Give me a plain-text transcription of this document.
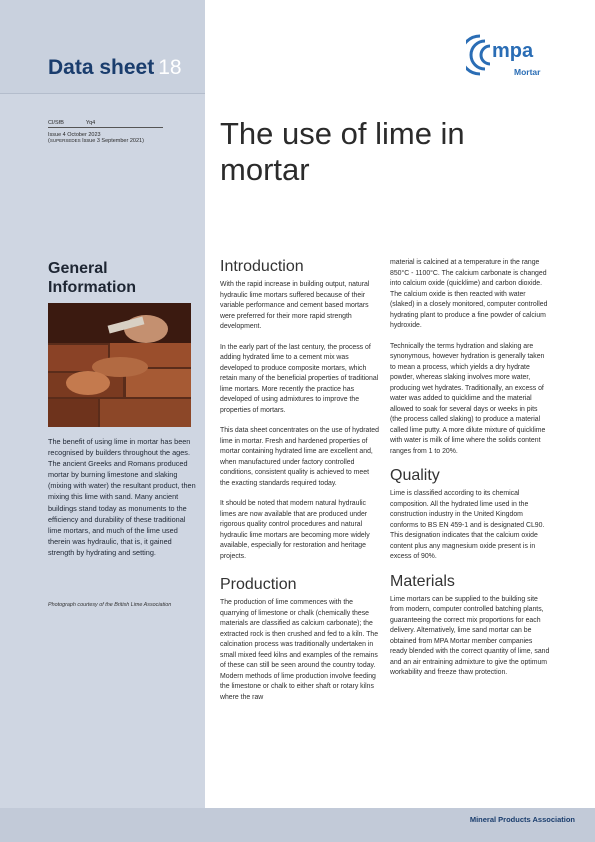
Data sheet 18
CI/SfB	Yq4
Issue 4 October 2023
(SUPERSEDES Issue 3 September 2021)
mpa
Mortar
The use of lime in mortar
General Information
The benefit of using lime in mortar has been recognised by builders throughout the ages. The ancient Greeks and Romans produced mortar by burning limestone and slaking (mixing with water) the resultant product, then mixing this lime with sand. Many ancient buildings stand today as monuments to the efficiency and durability of these traditional lime mortars, and much of the lime used therein was hydraulic, that is, it gained strength by hydrating and setting.
Photograph courtesy of the British Lime Association
Introduction

With the rapid increase in building output, natural hydraulic lime mortars suffered because of their variable performance and cement based mortars were preferred for their more rapid strength development.

In the early part of the last century, the process of adding hydrated lime to a cement mix was developed to produce composite mortars, which retain many of the beneficial properties of traditional lime mortars. More recently the practice has developed of using admixtures to improve the properties of mortars.

This data sheet concentrates on the use of hydrated lime in mortar. Fresh and hardened properties of mortar containing hydrated lime are excellent and, when manufactured under factory controlled conditions, consistent quality is achieved to meet the exacting standards required today.

It should be noted that modern natural hydraulic limes are now available that are produced under rigorous quality control procedures and natural hydraulic lime mortars are becoming more widely available, especially for restoration and heritage projects.

Production

The production of lime commences with the quarrying of limestone or chalk (chemically these materials are classified as calcium carbonate); the extracted rock is then crushed and fed to a kiln. The calcination process was traditionally undertaken in small mixed feed kilns and examples of the remains of these can still be seen around the country today. Modern methods of lime production involve feeding the limestone or chalk to either shaft or rotary kilns where the raw

material is calcined at a temperature in the range 850°C - 1100°C. The calcium carbonate is changed into calcium oxide (quicklime) and carbon dioxide. The calcium oxide is then reacted with water (slaked) in a closely monitored, computer controlled hydrating plant to produce a fine powder of calcium hydroxide.

Technically the terms hydration and slaking are synonymous, however hydration is generally taken to mean a process, which yields a dry hydrate powder, whereas slaking involves more water, producing wet hydrates. Traditionally, an excess of water was added to quicklime and the material allowed to soak for several days or weeks in pits (the process called slaking) to produce a material called lime putty. A more dilute mixture of quicklime with water is milk of lime where the solids content ranges from 1 to 20%.

Quality

Lime is classified according to its chemical composition. All the hydrated lime used in the construction industry in the United Kingdom conforms to BS EN 459-1 and is designated CL90. This designation indicates that the calcium oxide content plus any magnesium oxide present is in excess of 90%.

Materials

Lime mortars can be supplied to the building site from modern, computer controlled batching plants, guaranteeing the correct mix proportions for each delivery. Alternatively, lime sand mortar can be obtained from MPA Mortar member companies ready blended with the correct quantity of lime, sand and an air entraining admixture to give the optimum workability and freeze thaw protection.

Mineral Products Association
